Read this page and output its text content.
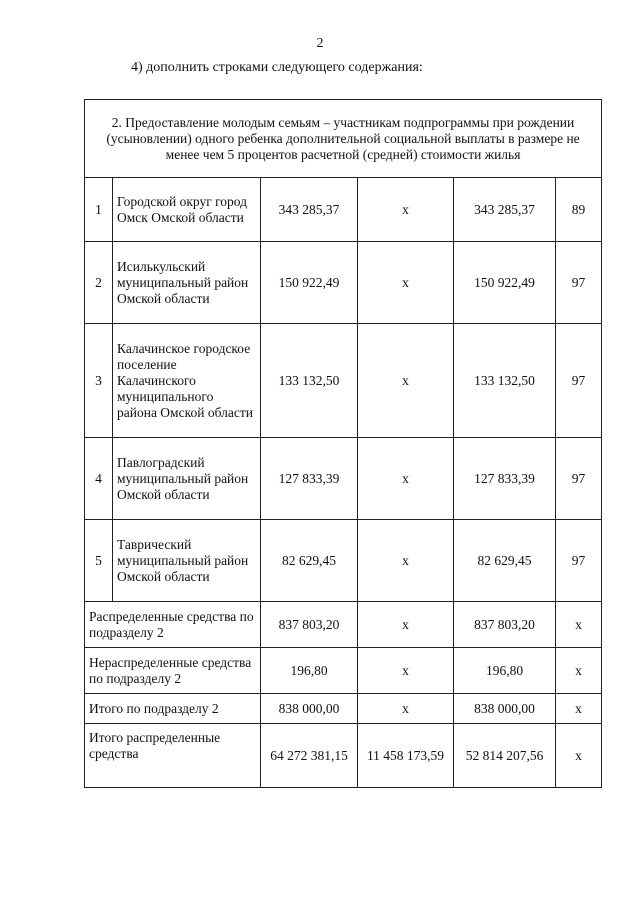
2
4) дополнить строками следующего содержания:
2. Предоставление молодым семьям – участникам подпрограммы при рождении (усыновлении) одного ребенка дополнительной социальной выплаты в размере не менее чем 5 процентов расчетной (средней) стоимости жилья					
1	Городской округ город Омск Омской области	343 285,37	х	343 285,37	89
2	Исилькульский муниципальный район Омской области	150 922,49	х	150 922,49	97
3	Калачинское городское поселение Калачинского муниципального района Омской области	133 132,50	х	133 132,50	97
4	Павлоградский муниципальный район Омской области	127 833,39	х	127 833,39	97
5	Таврический муниципальный район Омской области	82 629,45	х	82 629,45	97
Распределенные средства по подразделу 2		837 803,20	х	837 803,20	х
Нераспределенные средства по подразделу 2		196,80	х	196,80	х
Итого по подразделу 2		838 000,00	х	838 000,00	х
Итого распределенные средства		64 272 381,15	11 458 173,59	52 814 207,56	х
